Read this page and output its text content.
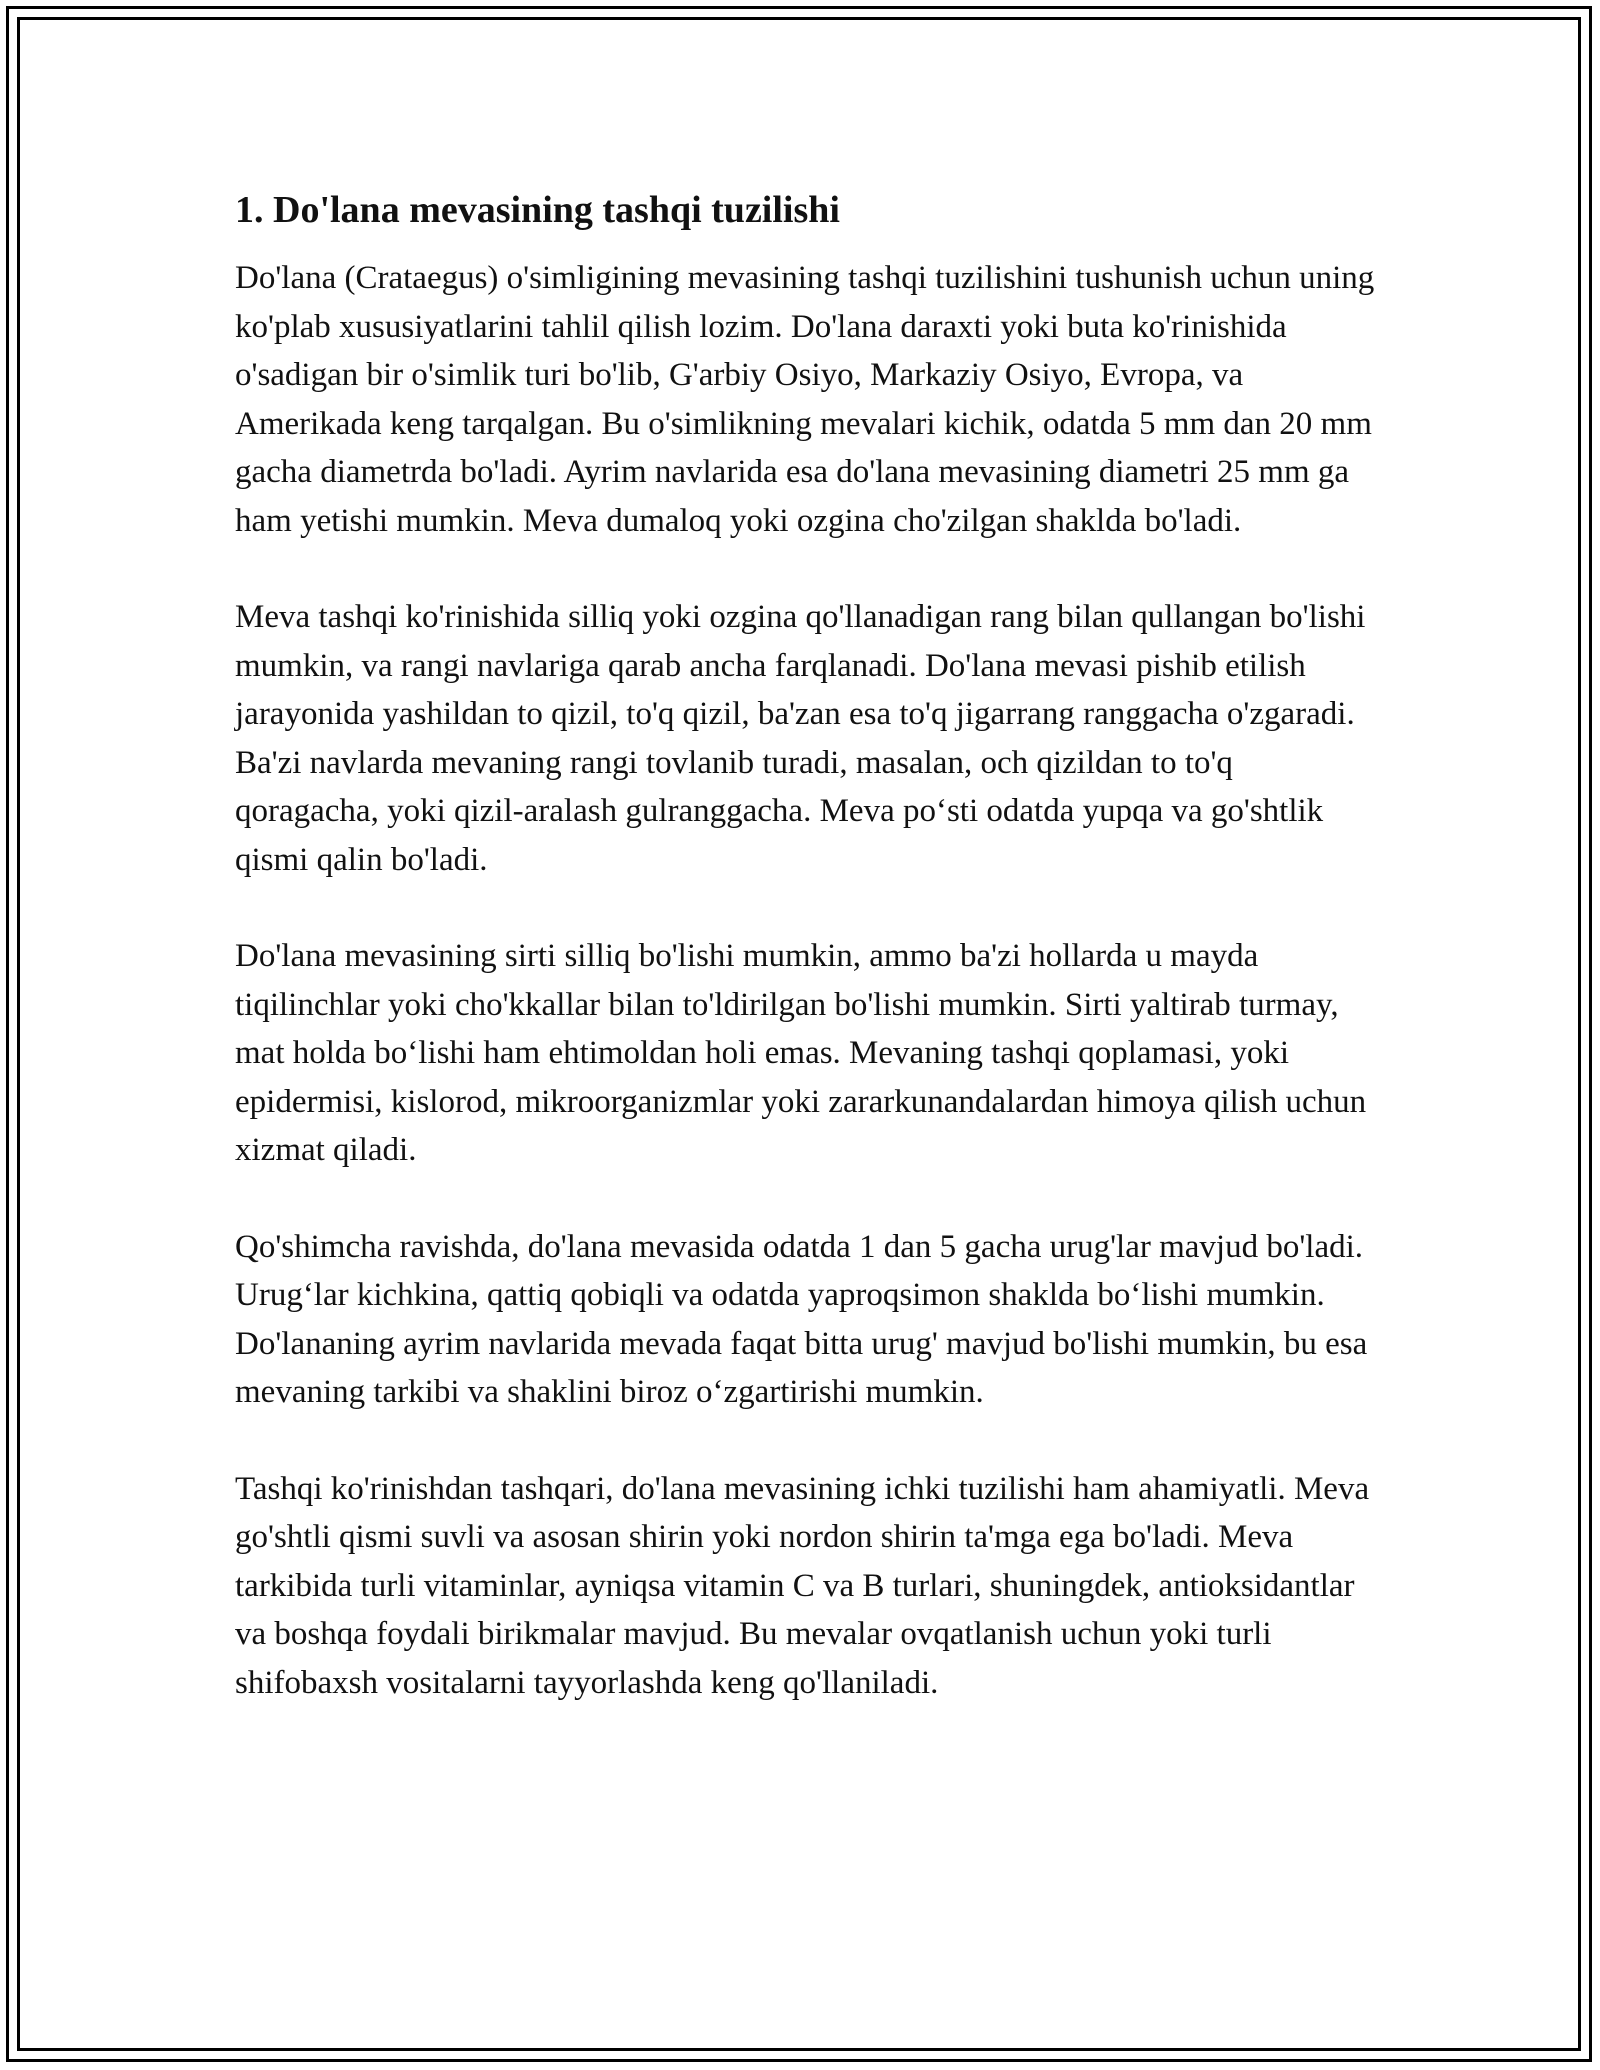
1. Do'lana mevasining tashqi tuzilishi

Do'lana (Crataegus) o'simligining mevasining tashqi tuzilishini tushunish uchun uning ko'plab xususiyatlarini tahlil qilish lozim. Do'lana daraxti yoki buta ko'rinishida o'sadigan bir o'simlik turi bo'lib, G'arbiy Osiyo, Markaziy Osiyo, Evropa, va Amerikada keng tarqalgan. Bu o'simlikning mevalari kichik, odatda 5 mm dan 20 mm gacha diametrda bo'ladi. Ayrim navlarida esa do'lana mevasining diametri 25 mm ga ham yetishi mumkin. Meva dumaloq yoki ozgina cho'zilgan shaklda bo'ladi.

Meva tashqi ko'rinishida silliq yoki ozgina qo'llanadigan rang bilan qullangan bo'lishi mumkin, va rangi navlariga qarab ancha farqlanadi. Do'lana mevasi pishib etilish jarayonida yashildan to qizil, to'q qizil, ba'zan esa to'q jigarrang ranggacha o'zgaradi. Ba'zi navlarda mevaning rangi tovlanib turadi, masalan, och qizildan to to'q qoragacha, yoki qizil-aralash gulranggacha. Meva po‘sti odatda yupqa va go'shtlik qismi qalin bo'ladi.

Do'lana mevasining sirti silliq bo'lishi mumkin, ammo ba'zi hollarda u mayda tiqilinchlar yoki cho'kkallar bilan to'ldirilgan bo'lishi mumkin. Sirti yaltirab turmay, mat holda bo‘lishi ham ehtimoldan holi emas. Mevaning tashqi qoplamasi, yoki epidermisi, kislorod, mikroorganizmlar yoki zararkunandalardan himoya qilish uchun xizmat qiladi.

Qo'shimcha ravishda, do'lana mevasida odatda 1 dan 5 gacha urug'lar mavjud bo'ladi. Urug‘lar kichkina, qattiq qobiqli va odatda yaproqsimon shaklda bo‘lishi mumkin. Do'lananing ayrim navlarida mevada faqat bitta urug' mavjud bo'lishi mumkin, bu esa mevaning tarkibi va shaklini biroz o‘zgartirishi mumkin.

Tashqi ko'rinishdan tashqari, do'lana mevasining ichki tuzilishi ham ahamiyatli. Meva go'shtli qismi suvli va asosan shirin yoki nordon shirin ta'mga ega bo'ladi. Meva tarkibida turli vitaminlar, ayniqsa vitamin C va B turlari, shuningdek, antioksidantlar va boshqa foydali birikmalar mavjud. Bu mevalar ovqatlanish uchun yoki turli shifobaxsh vositalarni tayyorlashda keng qo'llaniladi.
